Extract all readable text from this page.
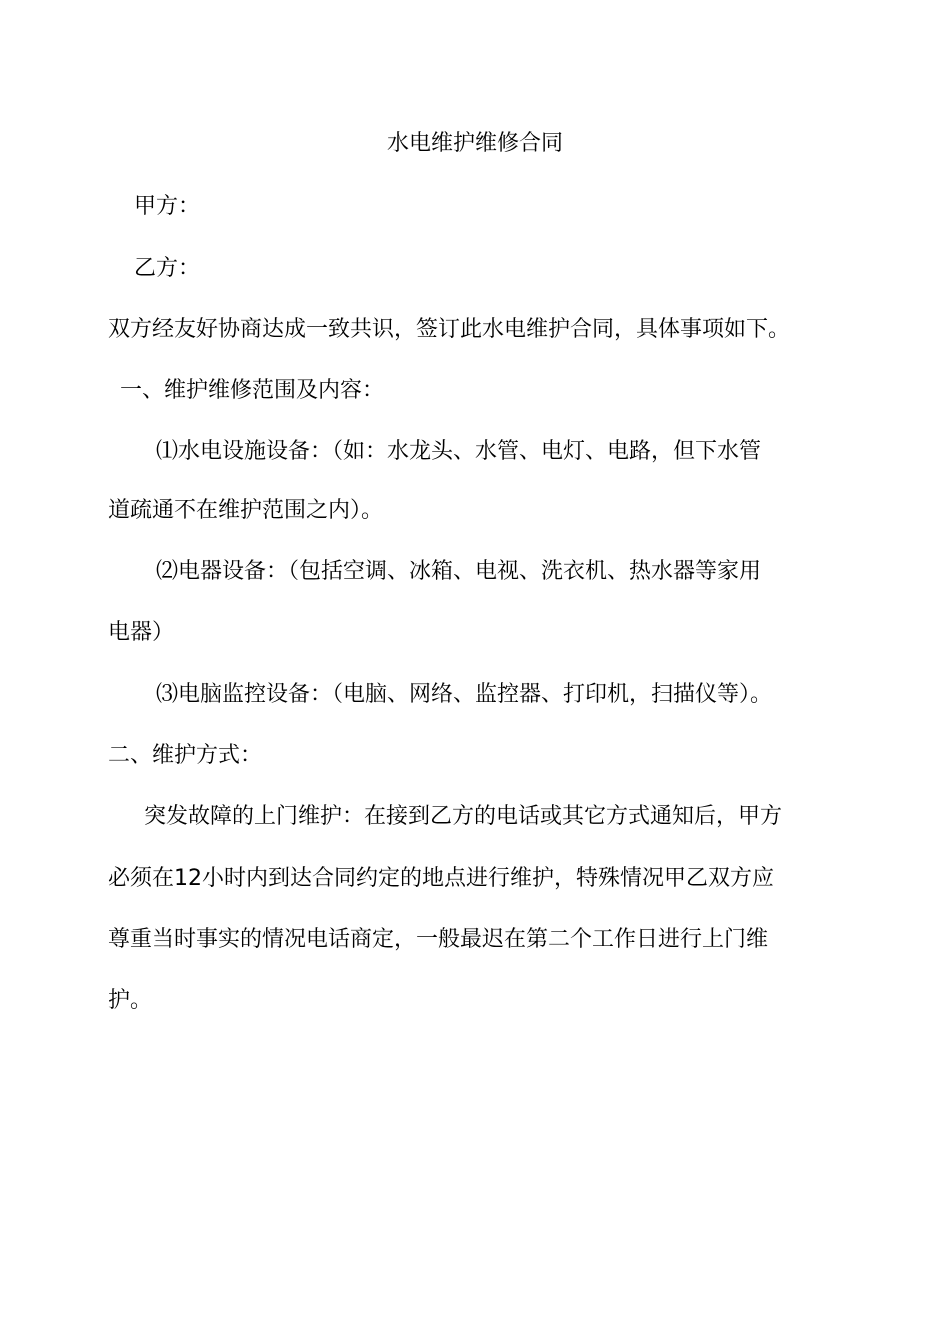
水电维护维修合同
甲方：
乙方：
双方经友好协商达成一致共识，签订此水电维护合同，具体事项如下。
一、维护维修范围及内容：
⑴水电设施设备：（如：水龙头、水管、电灯、电路，但下水管
道疏通不在维护范围之内）。
⑵电器设备：（包括空调、冰箱、电视、洗衣机、热水器等家用
电器）
⑶电脑监控设备：（电脑、网络、监控器、打印机，扫描仪等）。
二、维护方式：
突发故障的上门维护：在接到乙方的电话或其它方式通知后，甲方
必须在12小时内到达合同约定的地点进行维护，特殊情况甲乙双方应
尊重当时事实的情况电话商定，一般最迟在第二个工作日进行上门维
护。
